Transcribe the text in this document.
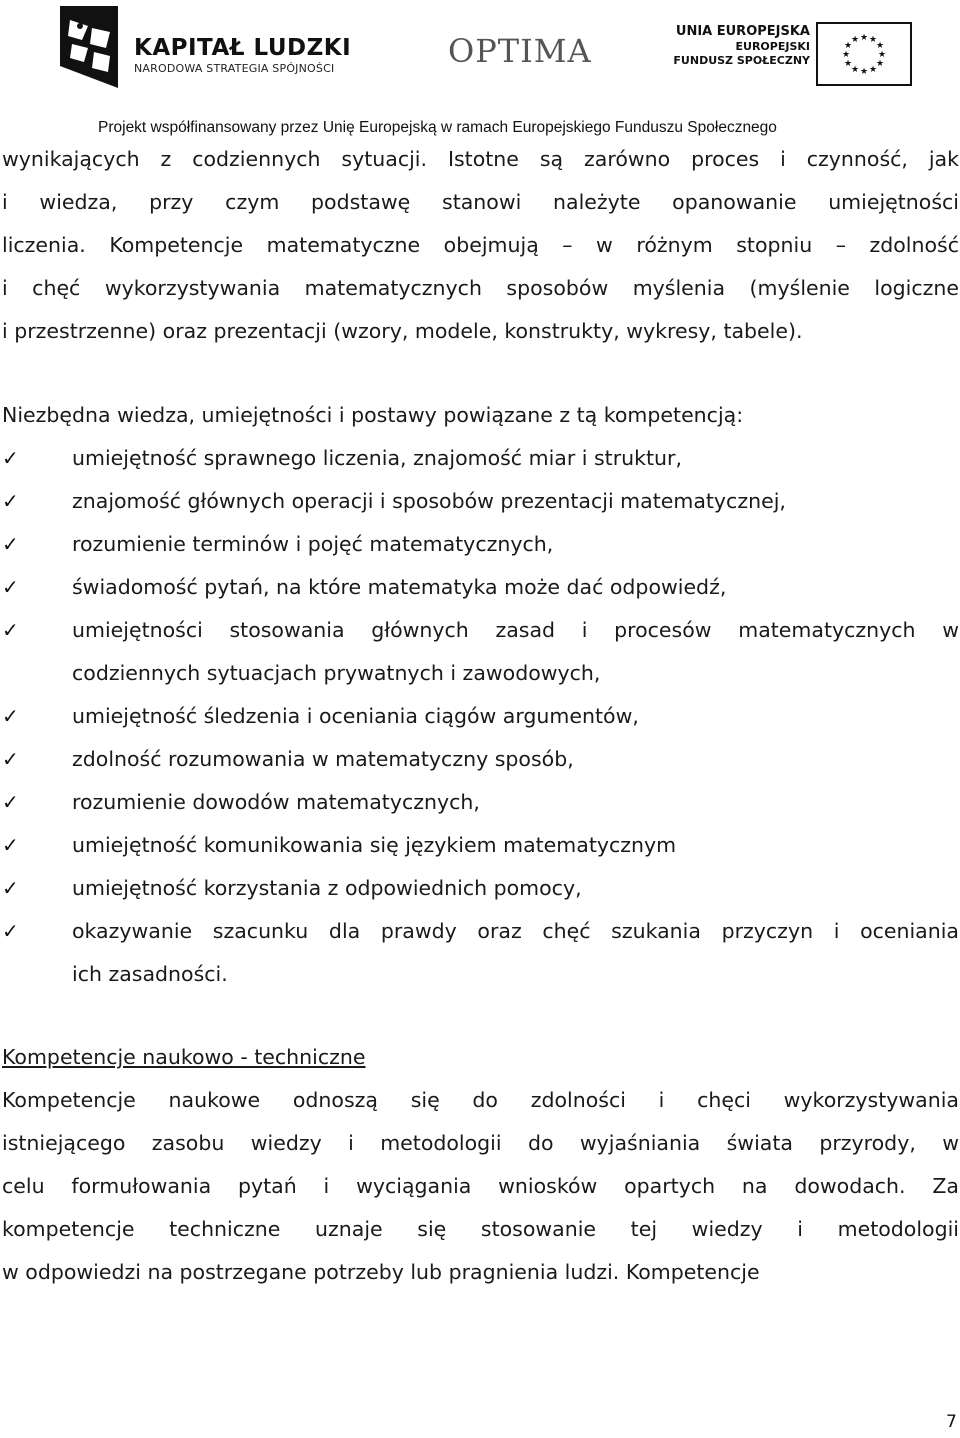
KAPITAŁ LUDZKI
NARODOWA STRATEGIA SPÓJNOŚCI	OPTIMA
UNIA EUROPEJSKA
EUROPEJSKI
FUNDUSZ SPOŁECZNY
★ ★
★
★
★
★
★
★
★
★
★
★
Projekt współfinansowany przez Unię Europejską w ramach Europejskiego Funduszu Społecznego
wynikających z codziennych sytuacji. Istotne są zarówno proces i czynność, jak
i wiedza, przy czym podstawę stanowi należyte opanowanie umiejętności
liczenia. Kompetencje matematyczne obejmują – w różnym stopniu – zdolność
i chęć wykorzystywania matematycznych sposobów myślenia (myślenie logiczne
i przestrzenne) oraz prezentacji (wzory, modele, konstrukty, wykresy, tabele).
Niezbędna wiedza, umiejętności i postawy powiązane z tą kompetencją:
✓	umiejętność sprawnego liczenia, znajomość miar i struktur,
✓	znajomość głównych operacji i sposobów prezentacji matematycznej,
✓	rozumienie terminów i pojęć matematycznych,
✓	świadomość pytań, na które matematyka może dać odpowiedź,
✓	umiejętności stosowania głównych zasad i procesów matematycznych w
codziennych sytuacjach prywatnych i zawodowych,
✓	umiejętność śledzenia i oceniania ciągów argumentów,
✓	zdolność rozumowania w matematyczny sposób,
✓	rozumienie dowodów matematycznych,
✓	umiejętność komunikowania się językiem matematycznym
✓	umiejętność korzystania z odpowiednich pomocy,
✓	okazywanie szacunku dla prawdy oraz chęć szukania przyczyn i oceniania
ich zasadności.
Kompetencje naukowo - techniczne
Kompetencje naukowe odnoszą się do zdolności i chęci wykorzystywania
istniejącego zasobu wiedzy i metodologii do wyjaśniania świata przyrody, w
celu formułowania pytań i wyciągania wniosków opartych na dowodach. Za
kompetencje techniczne uznaje się stosowanie tej wiedzy i metodologii
w odpowiedzi na postrzegane potrzeby lub pragnienia ludzi. Kompetencje
7
